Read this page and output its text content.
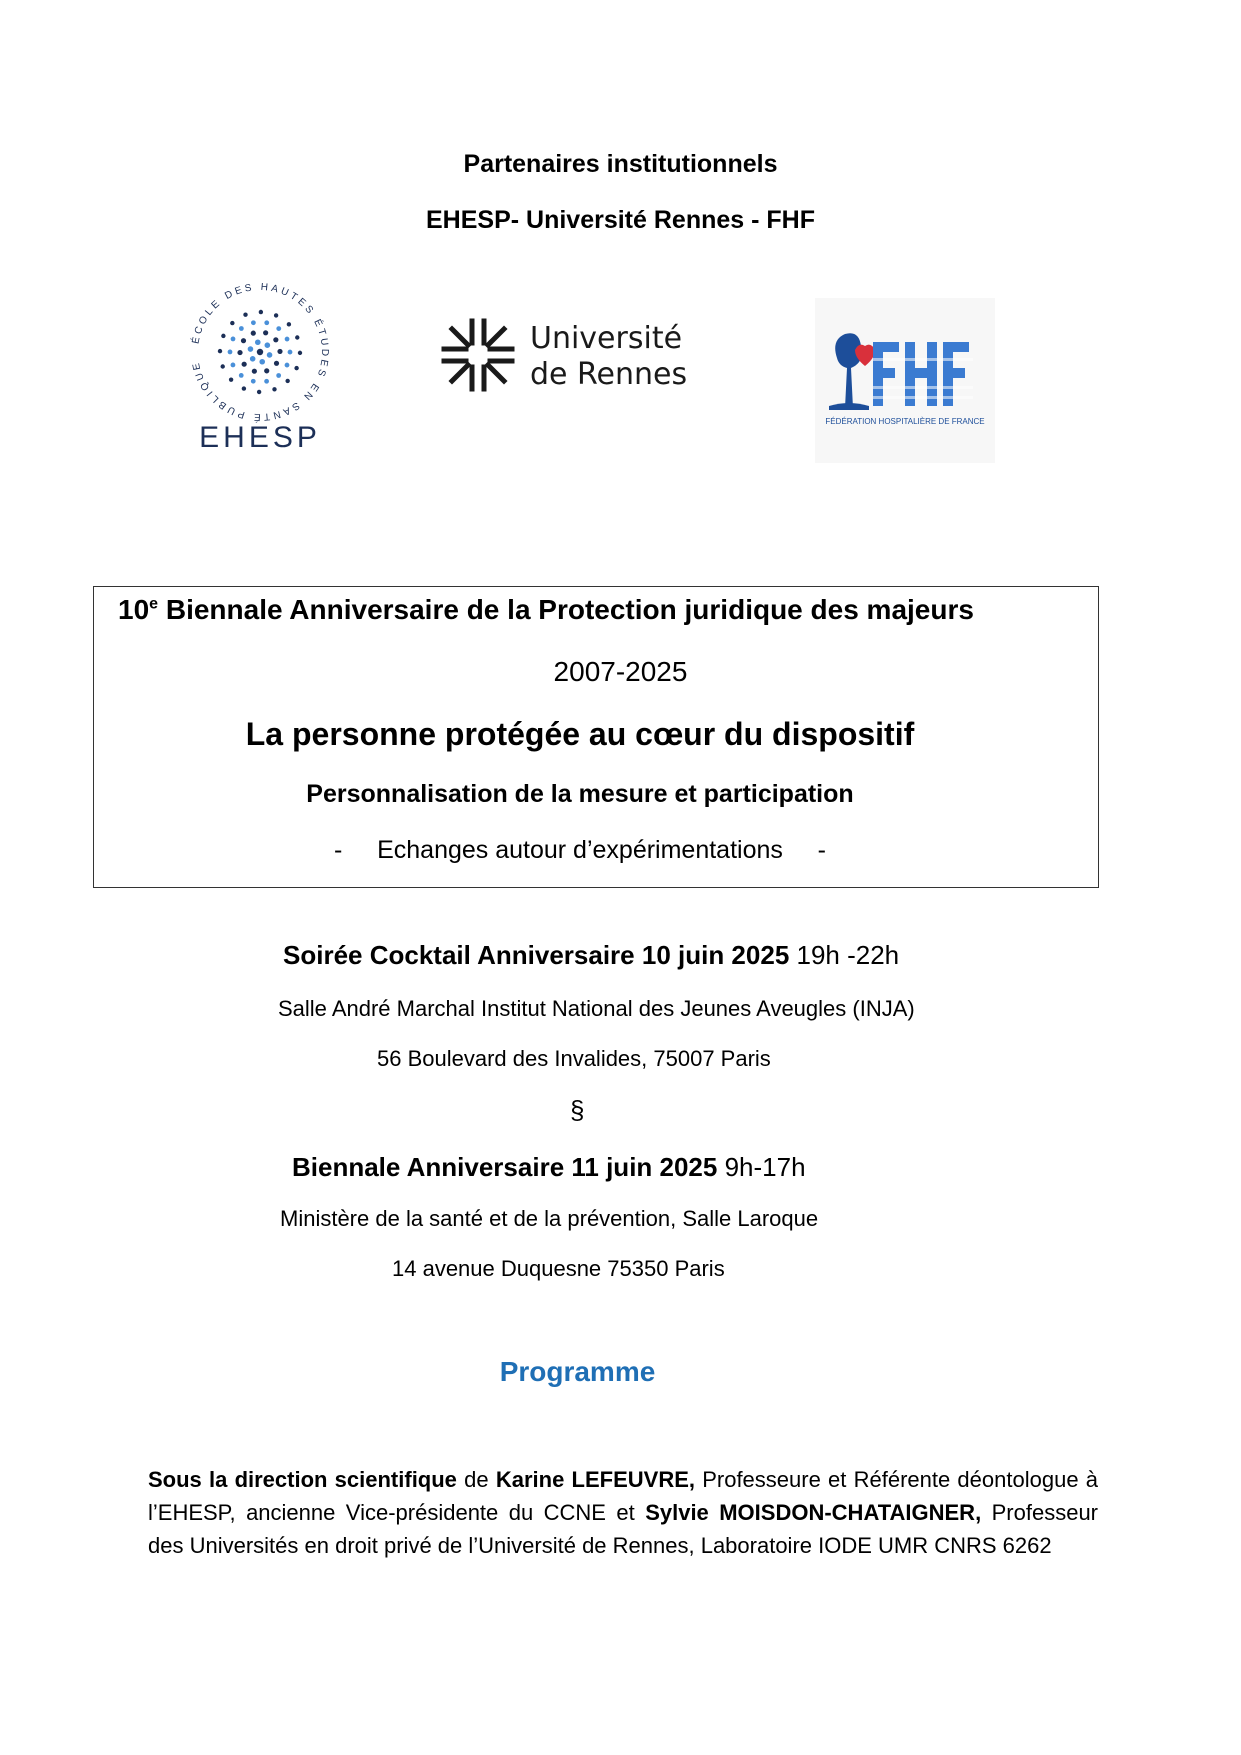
Partenaires institutionnels
EHESP- Université Rennes - FHF
ÉCOLE DES HAUTES ÉTUDES EN SANTÉ PUBLIQUE
EHESP
Université
de Rennes
FÉDÉRATION HOSPITALIÈRE DE FRANCE
10e Biennale Anniversaire de la Protection juridique des majeurs
2007-2025
La personne protégée au cœur du dispositif
Personnalisation de la mesure et participation
-     Echanges autour d’expérimentations     -
Soirée Cocktail Anniversaire 10 juin 2025 19h -22h
Salle André Marchal Institut National des Jeunes Aveugles (INJA)
56 Boulevard des Invalides, 75007 Paris
§
Biennale Anniversaire 11 juin 2025 9h-17h
Ministère de la santé et de la prévention, Salle Laroque
14 avenue Duquesne 75350 Paris
Programme
Sous la direction scientifique de Karine LEFEUVRE, Professeure et Référente déontologue à l’EHESP, ancienne Vice-présidente du CCNE et Sylvie MOISDON-CHATAIGNER, Professeur des Universités en droit privé de l’Université de Rennes, Laboratoire IODE UMR CNRS 6262
